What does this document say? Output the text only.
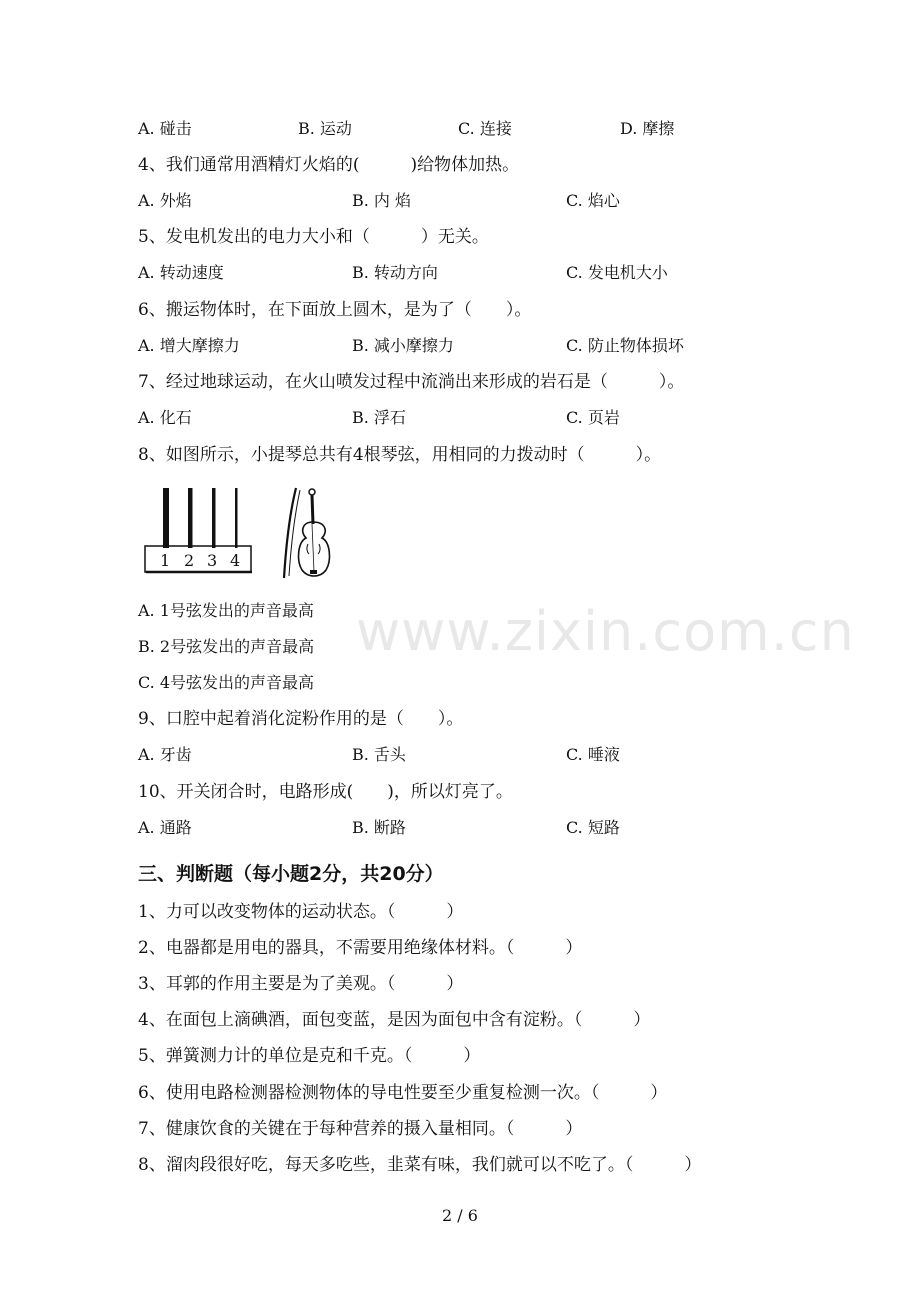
A. 碰击	B. 运动	C. 连接	D. 摩擦
4、我们通常用酒精灯火焰的(　　　)给物体加热。
A. 外焰	B. 内 焰	C. 焰心
5、发电机发出的电力大小和（　　　）无关。
A. 转动速度	B. 转动方向	C. 发电机大小
6、搬运物体时，在下面放上圆木，是为了（　　）。
A. 增大摩擦力	B. 减小摩擦力	C. 防止物体损坏
7、经过地球运动，在火山喷发过程中流淌出来形成的岩石是（　　　）。
A. 化石	B. 浮石	C. 页岩
8、如图所示，小提琴总共有4根琴弦，用相同的力拨动时（　　　）。
1 2 3 4
A. 1号弦发出的声音最高
B. 2号弦发出的声音最高
C. 4号弦发出的声音最高
9、口腔中起着消化淀粉作用的是（　　）。
A. 牙齿	B. 舌头	C. 唾液
10、开关闭合时，电路形成(　　)，所以灯亮了。
A. 通路	B. 断路	C. 短路
三、判断题（每小题2分，共20分）
1、力可以改变物体的运动状态。（　　　）
2、电器都是用电的器具，不需要用绝缘体材料。（　　　）
3、耳郭的作用主要是为了美观。（　　　）
4、在面包上滴碘酒，面包变蓝，是因为面包中含有淀粉。（　　　）
5、弹簧测力计的单位是克和千克。（　　　）
6、使用电路检测器检测物体的导电性要至少重复检测一次。（　　　）
7、健康饮食的关键在于每种营养的摄入量相同。（　　　）
8、溜肉段很好吃，每天多吃些，韭菜有味，我们就可以不吃了。（　　　）
www.zixin.com.cn
2 / 6
